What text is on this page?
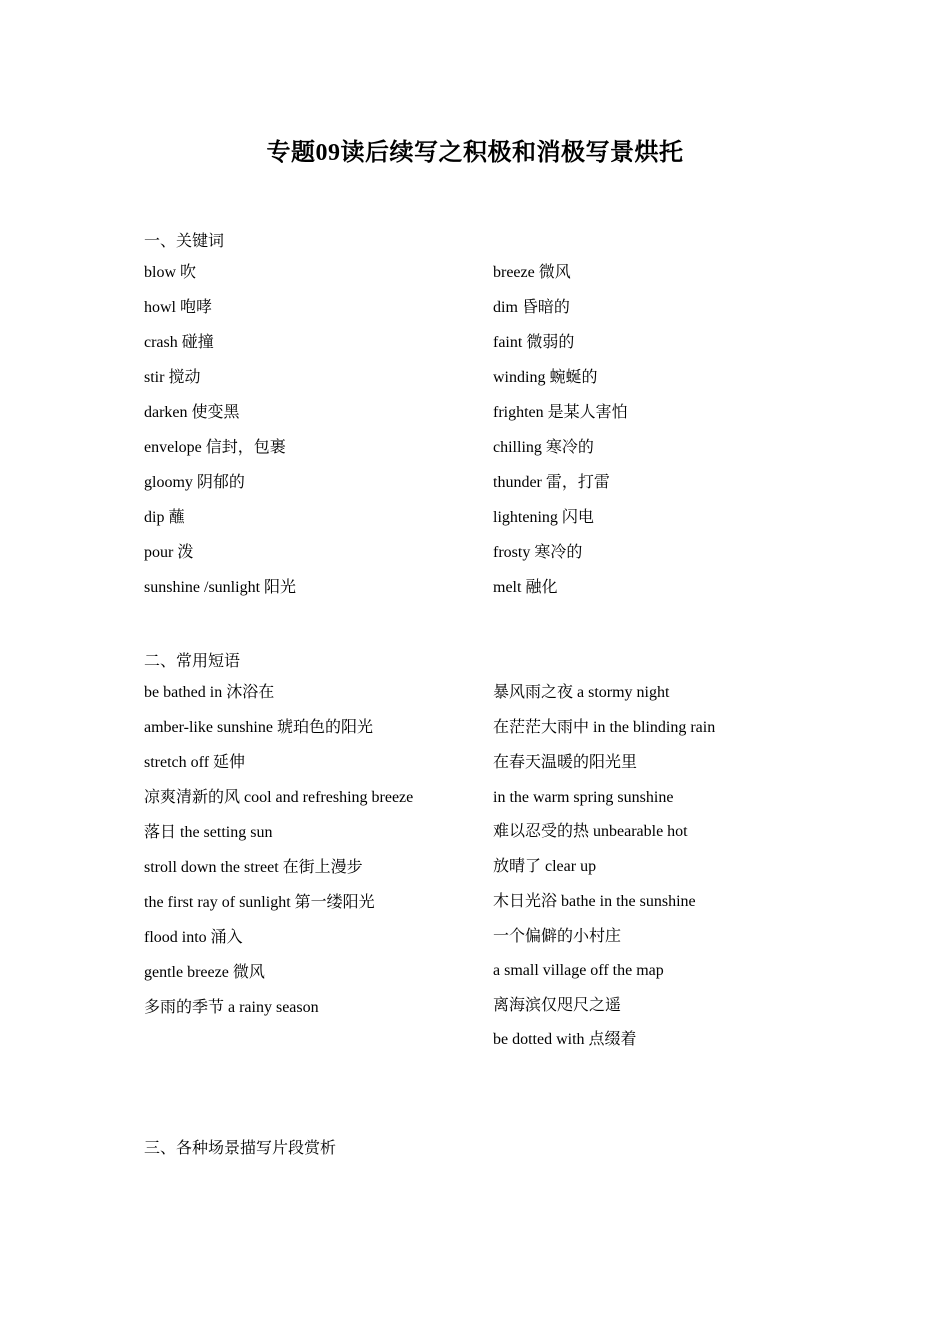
专题09读后续写之积极和消极写景烘托
一、关键词
blow 吹
howl 咆哮
crash 碰撞
stir 搅动
darken 使变黑
envelope 信封，包裹
gloomy 阴郁的
dip 蘸
pour 泼
sunshine /sunlight 阳光
breeze 微风
dim 昏暗的
faint 微弱的
winding 蜿蜒的
frighten 是某人害怕
chilling 寒冷的
thunder 雷，打雷
lightening 闪电
frosty 寒冷的
melt 融化
二、常用短语
be bathed in 沐浴在
amber-like sunshine 琥珀色的阳光
stretch off 延伸
凉爽清新的风 cool and refreshing breeze
落日 the setting sun
stroll down the street 在街上漫步
the first ray of sunlight 第一缕阳光
flood into 涌入
gentle breeze 微风
多雨的季节 a rainy season
暴风雨之夜 a stormy night
在茫茫大雨中 in the blinding rain
在春天温暖的阳光里
in the warm spring sunshine
难以忍受的热 unbearable hot
放晴了 clear up
木日光浴 bathe in the sunshine
一个偏僻的小村庄
a small village off the map
离海滨仅咫尺之遥
be dotted with 点缀着
三、各种场景描写片段赏析
